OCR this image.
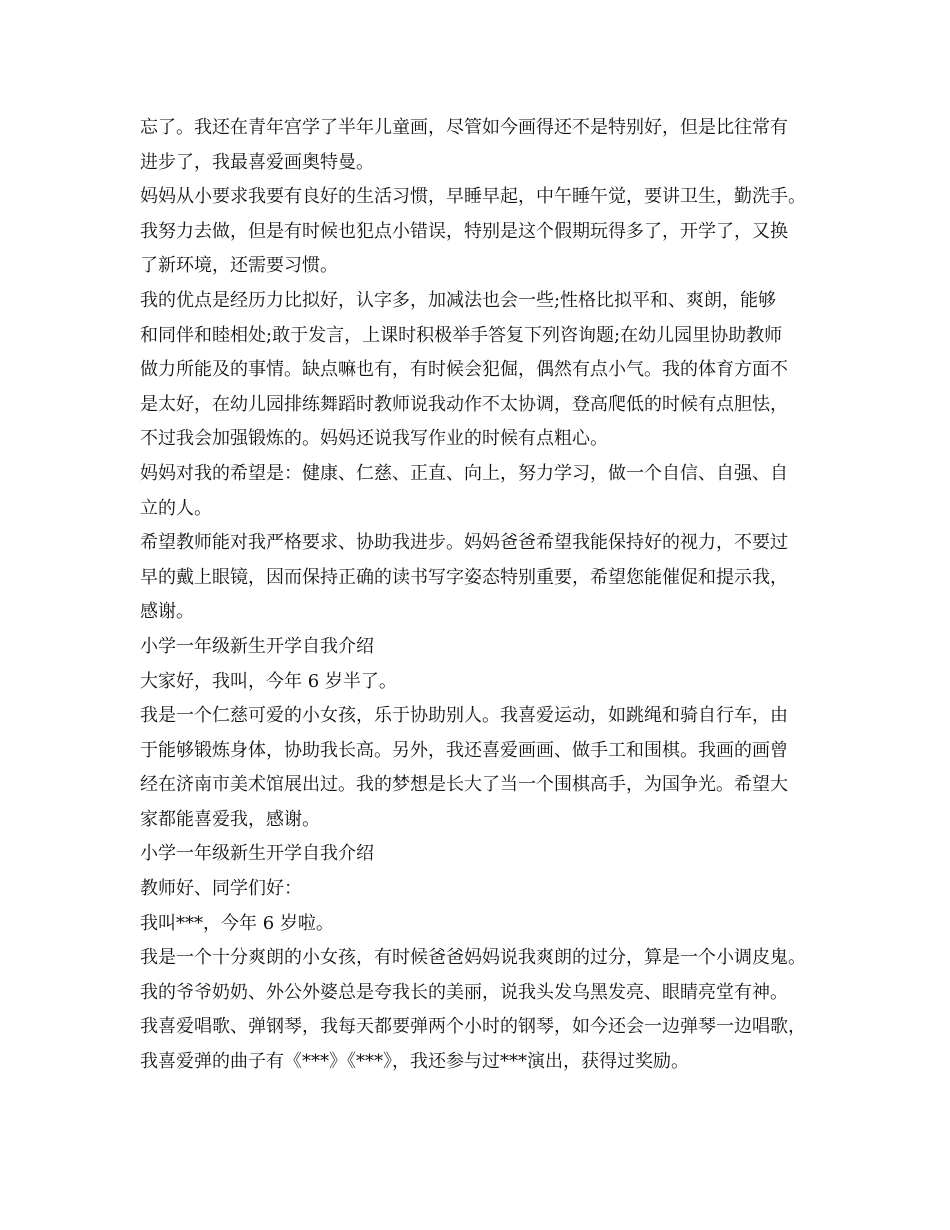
忘了。我还在青年宫学了半年儿童画，尽管如今画得还不是特别好，但是比往常有
进步了，我最喜爱画奥特曼。
妈妈从小要求我要有良好的生活习惯，早睡早起，中午睡午觉，要讲卫生，勤洗手。
我努力去做，但是有时候也犯点小错误，特别是这个假期玩得多了，开学了，又换
了新环境，还需要习惯。
我的优点是经历力比拟好，认字多，加减法也会一些;性格比拟平和、爽朗，能够
和同伴和睦相处;敢于发言，上课时积极举手答复下列咨询题;在幼儿园里协助教师
做力所能及的事情。缺点嘛也有，有时候会犯倔，偶然有点小气。我的体育方面不
是太好，在幼儿园排练舞蹈时教师说我动作不太协调，登高爬低的时候有点胆怯，
不过我会加强锻炼的。妈妈还说我写作业的时候有点粗心。
妈妈对我的希望是：健康、仁慈、正直、向上，努力学习，做一个自信、自强、自
立的人。
希望教师能对我严格要求、协助我进步。妈妈爸爸希望我能保持好的视力，不要过
早的戴上眼镜，因而保持正确的读书写字姿态特别重要，希望您能催促和提示我，
感谢。
小学一年级新生开学自我介绍
大家好，我叫，今年 6 岁半了。
我是一个仁慈可爱的小女孩，乐于协助别人。我喜爱运动，如跳绳和骑自行车，由
于能够锻炼身体，协助我长高。另外，我还喜爱画画、做手工和围棋。我画的画曾
经在济南市美术馆展出过。我的梦想是长大了当一个围棋高手，为国争光。希望大
家都能喜爱我，感谢。
小学一年级新生开学自我介绍
教师好、同学们好：
我叫***，今年 6 岁啦。
我是一个十分爽朗的小女孩，有时候爸爸妈妈说我爽朗的过分，算是一个小调皮鬼。
我的爷爷奶奶、外公外婆总是夸我长的美丽，说我头发乌黑发亮、眼睛亮堂有神。
我喜爱唱歌、弹钢琴，我每天都要弹两个小时的钢琴，如今还会一边弹琴一边唱歌，
我喜爱弹的曲子有《***》《***》，我还参与过***演出，获得过奖励。
